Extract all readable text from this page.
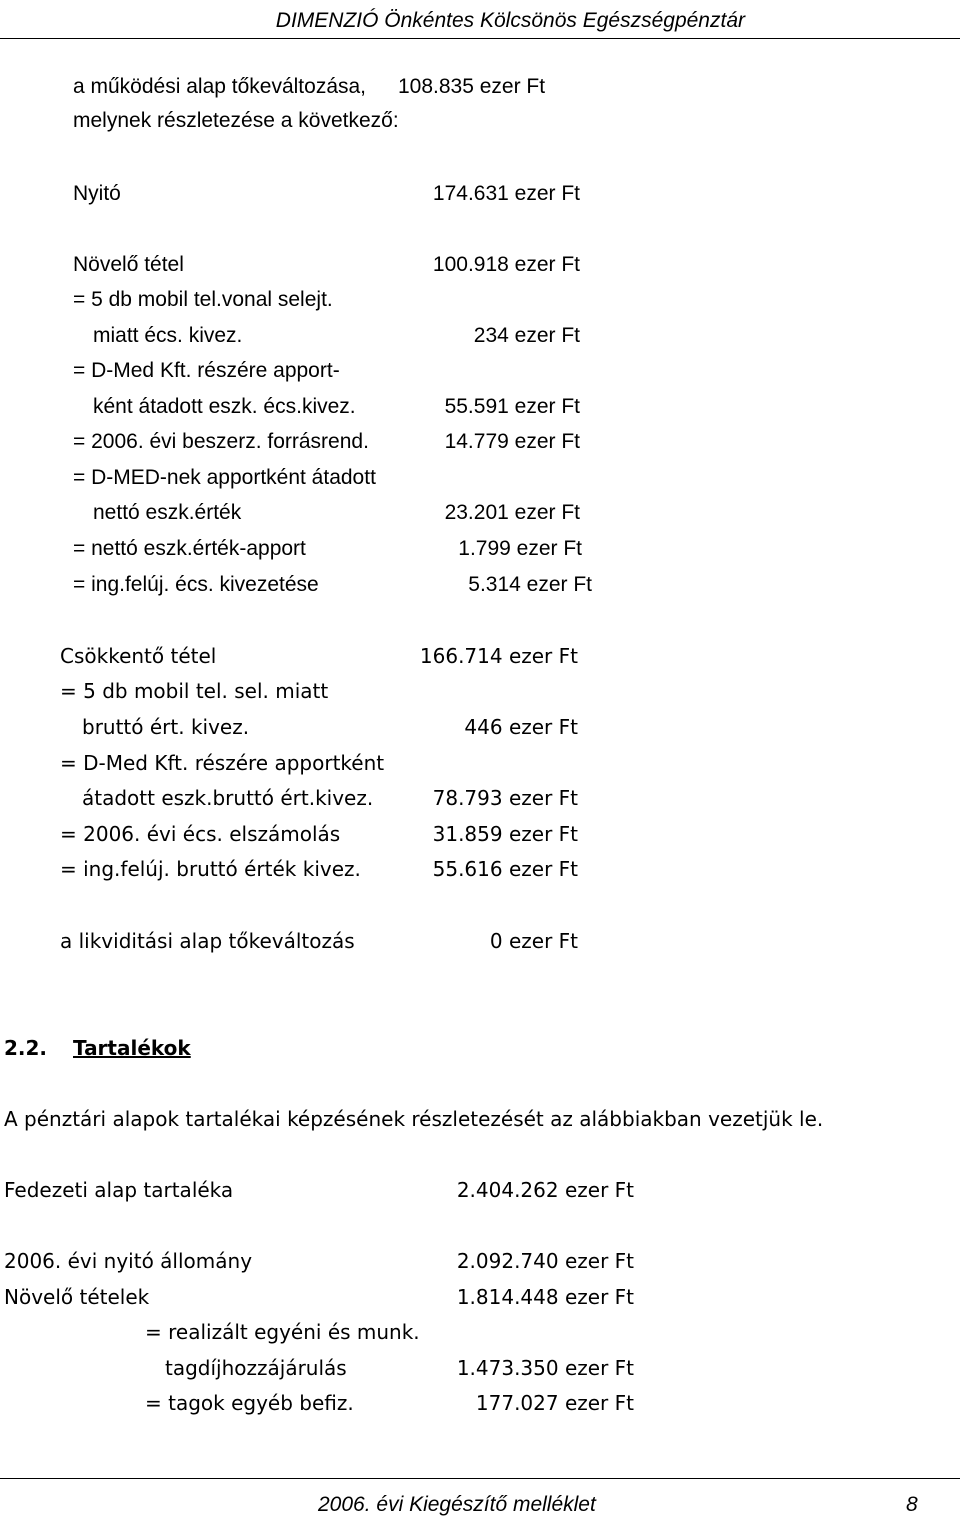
DIMENZIÓ Önkéntes Kölcsönös Egészségpénztár
a működési alap tőkeváltozása, 108.835 ezer Ft
melynek részletezése a következő:
Nyitó	174.631 ezer Ft
Növelő tétel	100.918 ezer Ft
= 5 db mobil tel.vonal selejt.
miatt écs. kivez.	234 ezer Ft
= D-Med Kft. részére apport-
ként átadott eszk. écs.kivez.	55.591 ezer Ft
= 2006. évi beszerz. forrásrend.	14.779 ezer Ft
= D-MED-nek apportként átadott
nettó eszk.érték	23.201 ezer Ft
= nettó eszk.érték-apport	1.799 ezer Ft
= ing.felúj. écs. kivezetése	5.314 ezer Ft
Csökkentő tétel	166.714 ezer Ft
= 5 db mobil tel. sel. miatt
bruttó ért. kivez.	446 ezer Ft
= D-Med Kft. részére apportként
átadott eszk.bruttó ért.kivez.	78.793 ezer Ft
= 2006. évi écs. elszámolás	31.859 ezer Ft
= ing.felúj. bruttó érték kivez.	55.616 ezer Ft
a likviditási alap tőkeváltozás	0 ezer Ft
2.2. Tartalékok
A pénztári alapok tartalékai képzésének részletezését az alábbiakban vezetjük le.
Fedezeti alap tartaléka	2.404.262 ezer Ft
2006. évi nyitó állomány	2.092.740 ezer Ft
Növelő tételek	1.814.448 ezer Ft
= realizált egyéni és munk.
tagdíjhozzájárulás	1.473.350 ezer Ft
= tagok egyéb befiz.	177.027 ezer Ft
2006. évi Kiegészítő melléklet	8
